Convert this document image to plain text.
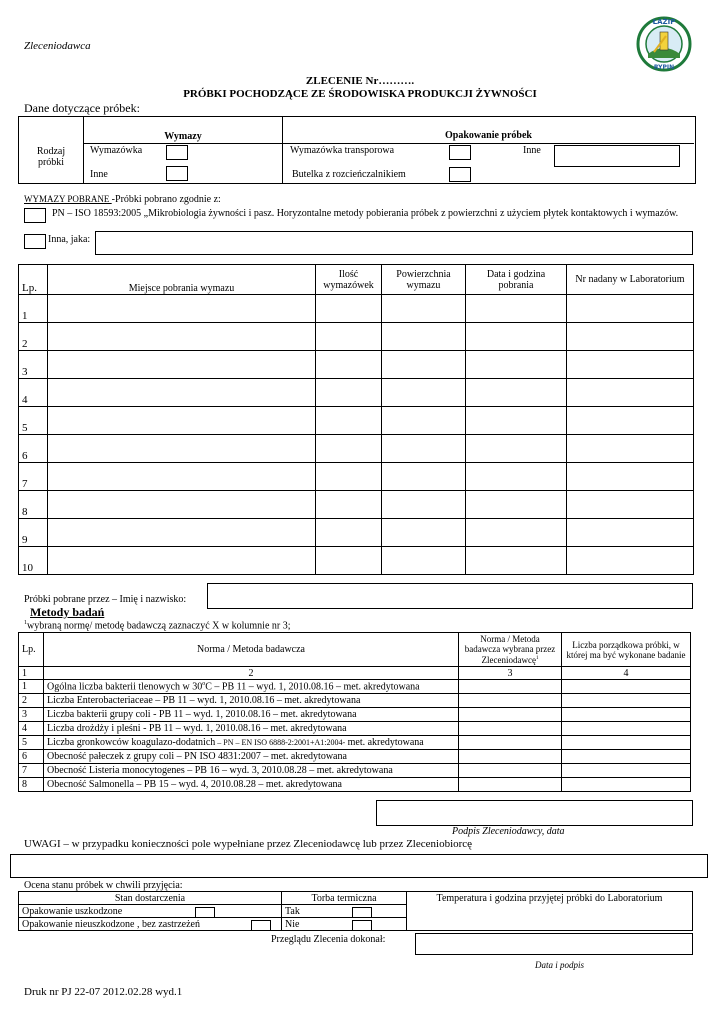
Zleceniodawca
ŁAŻIP
RYPIN
ZLECENIE Nr……….
PRÓBKI POCHODZĄCE ZE ŚRODOWISKA PRODUKCJI ŻYWNOŚCI
Dane dotyczące próbek:
Rodzaj próbki
Wymazy	Opakowanie próbek
Wymazówka
Inne
Wymazówka transporowa	Inne
Butelka z rozcieńczalnikiem
WYMAZY POBRANE -Próbki pobrano zgodnie z:
PN – ISO 18593:2005 „Mikrobiologia żywności i pasz. Horyzontalne metody pobierania próbek z powierzchni z użyciem płytek kontaktowych i wymazów.
Inna, jaka:
Lp.	Miejsce pobrania wymazu	Ilość wymazówek	Powierzchnia wymazu	Data i godzina pobrania	Nr nadany w Laboratorium
1					
2					
3					
4					
5					
6					
7					
8					
9					
10					
Próbki pobrane przez – Imię i nazwisko:
Metody badań
$^1$wybraną normę/ metodę badawczą zaznaczyć X w kolumnie nr 3;
Lp.	Norma / Metoda badawcza	Norma / Metoda badawcza wybrana przez Zleceniodawcę$^1$	Liczba porządkowa próbki, w której ma być wykonane badanie
1	2	3	4
1	Ogólna liczba bakterii tlenowych w 30$^o$C – PB 11 – wyd. 1, 2010.08.16 – met. akredytowana		
2	Liczba Enterobacteriaceae – PB 11 – wyd. 1, 2010.08.16 – met. akredytowana		
3	Liczba bakterii grupy coli - PB 11 – wyd. 1, 2010.08.16 – met. akredytowana		
4	Liczba drożdży i pleśni - PB 11 – wyd. 1, 2010.08.16 – met. akredytowana		
5	Liczba gronkowców koagulazo-dodatnich – PN – EN ISO 6888-2:2001+A1:2004- met. akredytowana		
6	Obecność pałeczek z grupy coli – PN ISO 4831:2007 – met. akredytowana		
7	Obecność Listeria monocytogenes – PB 16 – wyd. 3, 2010.08.28 – met. akredytowana		
8	Obecność Salmonella – PB 15 – wyd. 4, 2010.08.28 – met. akredytowana		
Podpis Zleceniodawcy, data
UWAGI – w przypadku konieczności pole wypełniane przez Zleceniodawcę lub przez Zleceniobiorcę
Ocena stanu próbek w chwili przyjęcia:
Stan dostarczenia	Torba termiczna	Temperatura i godzina przyjętej próbki do Laboratorium
Opakowanie uszkodzone	Tak

Opakowanie nieuszkodzone , bez zastrzeżeń	Nie

Przeglądu Zlecenia dokonał:
Data i podpis
Druk nr PJ 22-07 2012.02.28 wyd.1
